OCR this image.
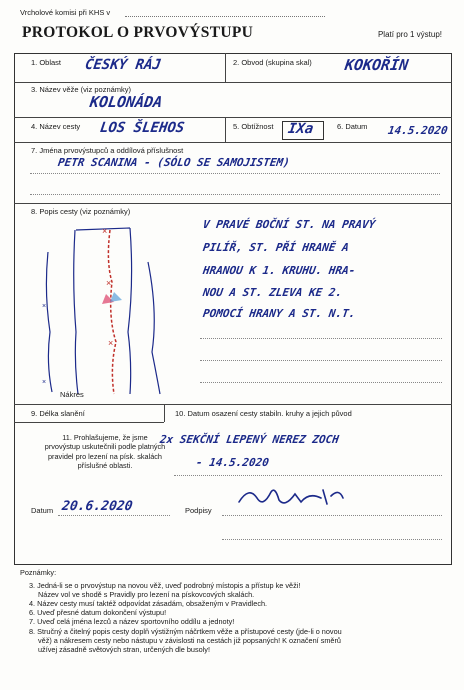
Vrcholové komisi při KHS v
PROTOKOL O PRVOVÝSTUPU	Platí pro 1 výstup!
1. Oblast ČESKÝ RÁJ	2. Obvod (skupina skal) KOKOŘÍN
3. Název věže (viz poznámky)
KOLONÁDA
4. Název cesty LOS ŠLEHOS	5. Obtížnost IXa	6. Datum 14.5.2020
7. Jména prvovýstupců a oddílová příslušnost
PETR SCANINA - (SÓLO SE SAMOJISTEM)
8. Popis cesty (viz poznámky)
V PRAVÉ BOČNÍ ST. NA PRAVÝ
PILÍŘ, ST. PŘÍ HRANĚ A
HRANOU K 1. KRUHU. HRA-
NOU A ST. ZLEVA KE 2.
POMOCÍ HRANY A ST. N.T.
×
×
×
×
×
Nákres
9. Délka slanění	10. Datum osazení cesty stabiln. kruhy a jejich původ
2x SEKČNÍ LEPENÝ NEREZ ZOCH
- 14.5.2020
11. Prohlašujeme, že jsme prvovýstup uskutečnili podle platných pravidel pro lezení na písk. skalách příslušné oblasti.
Datum 20.6.2020	Podpisy
Poznámky:
3. Jedná-li se o prvovýstup na novou věž, uveď podrobný místopis a přístup ke věži!
Název vol ve shodě s Pravidly pro lezení na pískovcových skalách.
4. Název cesty musí taktéž odpovídat zásadám, obsaženým v Pravidlech.
6. Uveď přesné datum dokončení výstupu!
7. Uveď celá jména lezců a název sportovního oddílu a jednoty!
8. Stručný a čitelný popis cesty doplň výstižným náčrtkem věže a přístupové cesty (jde-li o novou
věž) a nákresem cesty nebo nástupu v závislosti na cestách již popsaných! K označení směrů
užívej zásadně světových stran, určených dle busoly!
